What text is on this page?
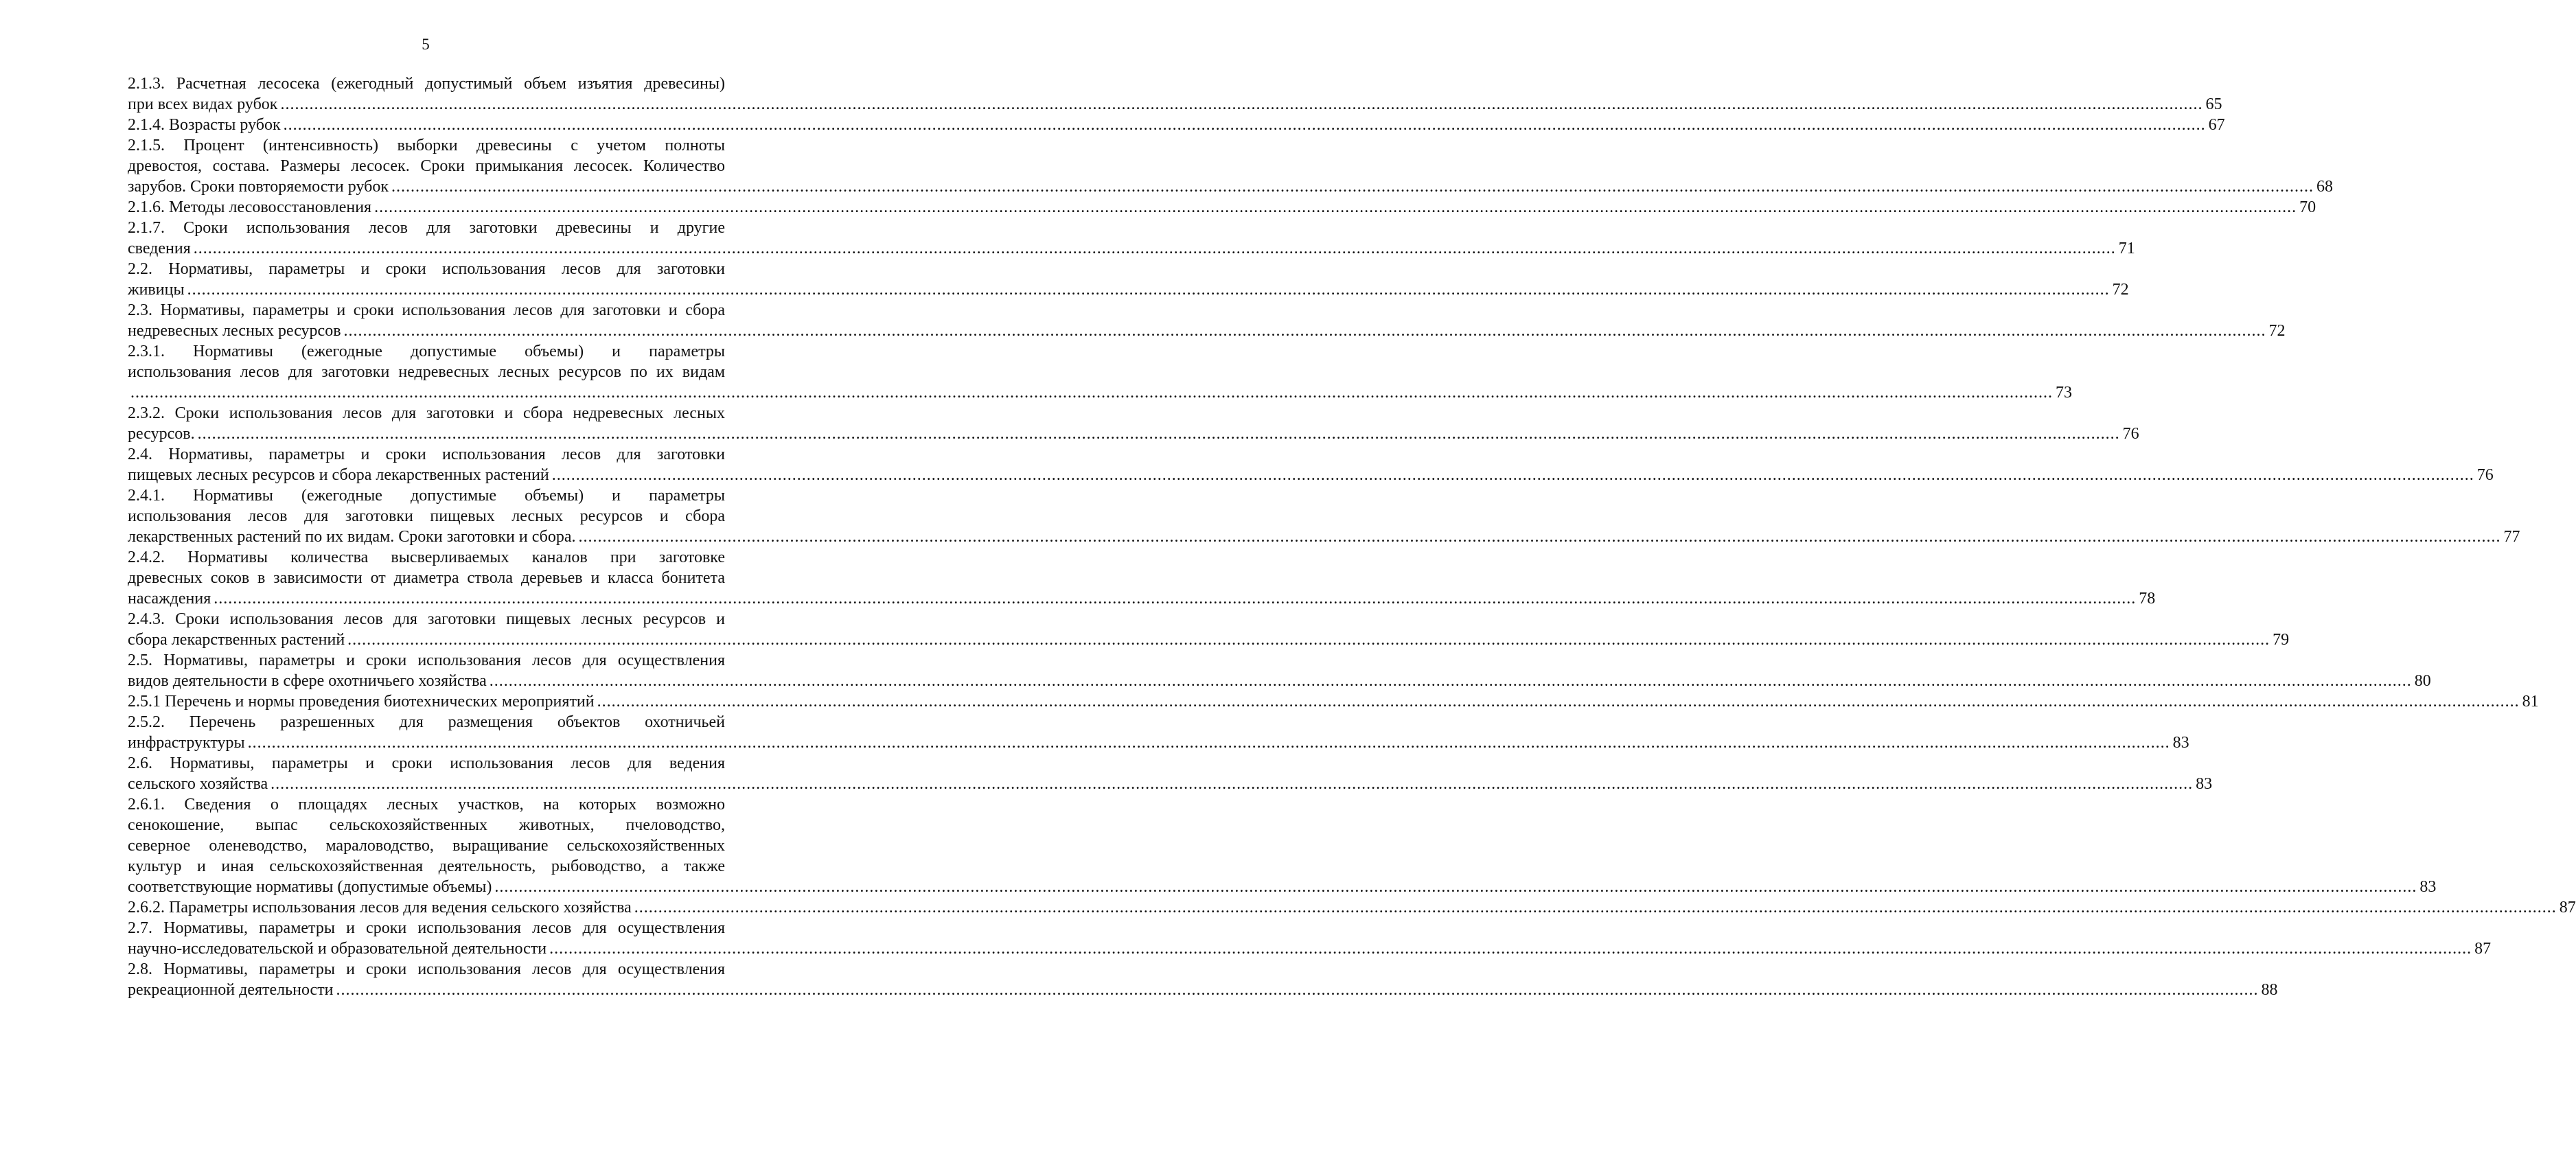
5
2.1.3. Расчетная лесосека (ежегодный допустимый объем изъятия древесины)
при всех видах рубок ................................................................................................................................................................................................................................................................................................................................................................................................................ 65
2.1.4. Возрасты рубок ................................................................................................................................................................................................................................................................................................................................................................................................................ 67
2.1.5. Процент (интенсивность) выборки древесины с учетом полноты
древостоя, состава. Размеры лесосек. Сроки примыкания лесосек. Количество
зарубов. Сроки повторяемости рубок ................................................................................................................................................................................................................................................................................................................................................................................................................ 68
2.1.6. Методы лесовосстановления ................................................................................................................................................................................................................................................................................................................................................................................................................ 70
2.1.7. Сроки использования лесов для заготовки древесины и другие
сведения ................................................................................................................................................................................................................................................................................................................................................................................................................ 71
2.2. Нормативы, параметры и сроки использования лесов для заготовки
живицы ................................................................................................................................................................................................................................................................................................................................................................................................................ 72
2.3. Нормативы, параметры и сроки использования лесов для заготовки и сбора
недревесных лесных ресурсов ................................................................................................................................................................................................................................................................................................................................................................................................................ 72
2.3.1. Нормативы (ежегодные допустимые объемы) и параметры
использования лесов для заготовки недревесных лесных ресурсов по их видам
................................................................................................................................................................................................................................................................................................................................................................................................................ 73
2.3.2. Сроки использования лесов для заготовки и сбора недревесных лесных
ресурсов. ................................................................................................................................................................................................................................................................................................................................................................................................................ 76
2.4. Нормативы, параметры и сроки использования лесов для заготовки
пищевых лесных ресурсов и сбора лекарственных растений ................................................................................................................................................................................................................................................................................................................................................................................................................ 76
2.4.1. Нормативы (ежегодные допустимые объемы) и параметры
использования лесов для заготовки пищевых лесных ресурсов и сбора
лекарственных растений по их видам. Сроки заготовки и сбора. ................................................................................................................................................................................................................................................................................................................................................................................................................ 77
2.4.2. Нормативы количества высверливаемых каналов при заготовке
древесных соков в зависимости от диаметра ствола деревьев и класса бонитета
насаждения ................................................................................................................................................................................................................................................................................................................................................................................................................ 78
2.4.3. Сроки использования лесов для заготовки пищевых лесных ресурсов и
сбора лекарственных растений ................................................................................................................................................................................................................................................................................................................................................................................................................ 79
2.5. Нормативы, параметры и сроки использования лесов для осуществления
видов деятельности в сфере охотничьего хозяйства ................................................................................................................................................................................................................................................................................................................................................................................................................ 80
2.5.1 Перечень и нормы проведения биотехнических мероприятий ................................................................................................................................................................................................................................................................................................................................................................................................................ 81
2.5.2. Перечень разрешенных для размещения объектов охотничьей
инфраструктуры ................................................................................................................................................................................................................................................................................................................................................................................................................ 83
2.6. Нормативы, параметры и сроки использования лесов для ведения
сельского хозяйства ................................................................................................................................................................................................................................................................................................................................................................................................................ 83
2.6.1. Сведения о площадях лесных участков, на которых возможно
сенокошение, выпас сельскохозяйственных животных, пчеловодство,
северное оленеводство, мараловодство, выращивание сельскохозяйственных
культур и иная сельскохозяйственная деятельность, рыбоводство, а также
соответствующие нормативы (допустимые объемы) ................................................................................................................................................................................................................................................................................................................................................................................................................ 83
2.6.2. Параметры использования лесов для ведения сельского хозяйства ................................................................................................................................................................................................................................................................................................................................................................................................................ 87
2.7. Нормативы, параметры и сроки использования лесов для осуществления
научно-исследовательской и образовательной деятельности ................................................................................................................................................................................................................................................................................................................................................................................................................ 87
2.8. Нормативы, параметры и сроки использования лесов для осуществления
рекреационной деятельности ................................................................................................................................................................................................................................................................................................................................................................................................................ 88
